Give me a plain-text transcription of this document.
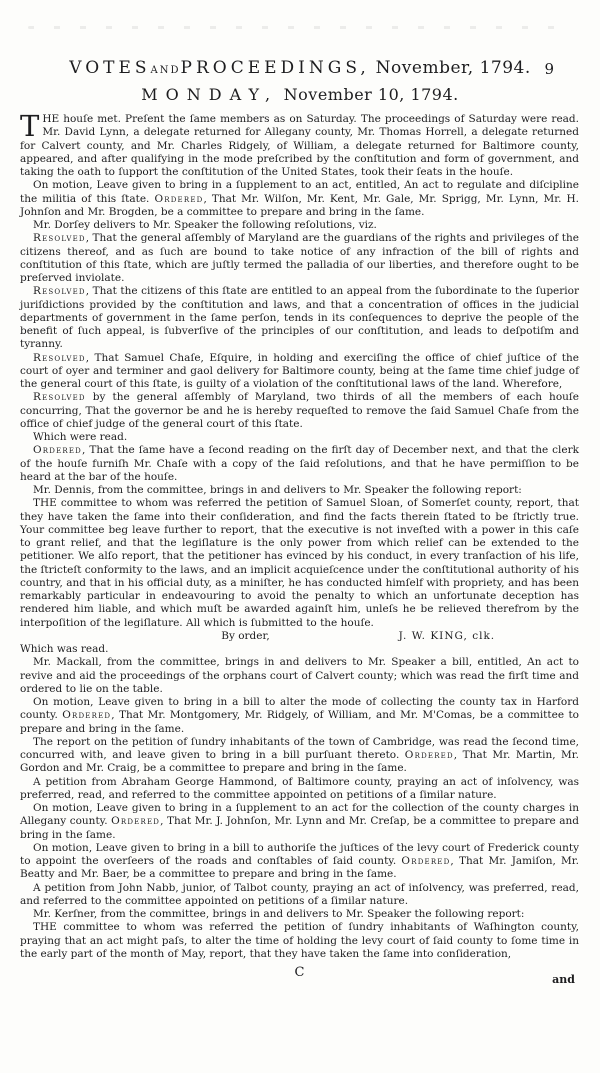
VOTESandPROCEEDINGS, November, 1794. 9
MONDAY, November 10, 1794.

THE houſe met. Preſent the ſame members as on Saturday. The proceedings of Saturday were read. Mr. David Lynn, a delegate returned for Allegany county, Mr. Thomas Horrell, a delegate returned for Calvert county, and Mr. Charles Ridgely, of William, a delegate returned for Baltimore county, appeared, and after qualifying in the mode preſcribed by the conſtitution and form of government, and taking the oath to ſupport the conſtitution of the United States, took their ſeats in the houſe.

On motion, Leave given to bring in a ſupplement to an act, entitled, An act to regulate and diſcipline the militia of this ſtate. Ordered, That Mr. Wilſon, Mr. Kent, Mr. Gale, Mr. Sprigg, Mr. Lynn, Mr. H. Johnſon and Mr. Brogden, be a committee to prepare and bring in the ſame.

Mr. Dorſey delivers to Mr. Speaker the following reſolutions, viz.

Resolved, That the general aſſembly of Maryland are the guardians of the rights and privileges of the citizens thereof, and as ſuch are bound to take notice of any infraction of the bill of rights and conſtitution of this ſtate, which are juſtly termed the palladia of our liberties, and therefore ought to be preſerved inviolate.

Resolved, That the citizens of this ſtate are entitled to an appeal from the ſubordinate to the ſuperior juriſdictions provided by the conſtitution and laws, and that a concentration of offices in the judicial departments of government in the ſame perſon, tends in its conſequences to deprive the people of the benefit of ſuch appeal, is ſubverſive of the principles of our conſtitution, and leads to deſpotiſm and tyranny.

Resolved, That Samuel Chaſe, Eſquire, in holding and exerciſing the office of chief juſtice of the court of oyer and terminer and gaol delivery for Baltimore county, being at the ſame time chief judge of the general court of this ſtate, is guilty of a violation of the conſtitutional laws of the land. Wherefore,

Resolved by the general aſſembly of Maryland, two thirds of all the members of each houſe concurring, That the governor be and he is hereby requeſted to remove the ſaid Samuel Chaſe from the office of chief judge of the general court of this ſtate.

Which were read.

Ordered, That the ſame have a ſecond reading on the firſt day of December next, and that the clerk of the houſe furniſh Mr. Chaſe with a copy of the ſaid reſolutions, and that he have permiſſion to be heard at the bar of the houſe.

Mr. Dennis, from the committee, brings in and delivers to Mr. Speaker the following report:

THE committee to whom was referred the petition of Samuel Sloan, of Somerſet county, report, that they have taken the ſame into their conſideration, and find the facts therein ſtated to be ſtrictly true. Your committee beg leave further to report, that the executive is not inveſted with a power in this caſe to grant relief, and that the legiſlature is the only power from which relief can be extended to the petitioner. We alſo report, that the petitioner has evinced by his conduct, in every tranſaction of his life, the ſtricteſt conformity to the laws, and an implicit acquieſcence under the conſtitutional authority of his country, and that in his official duty, as a miniſter, he has conducted himſelf with propriety, and has been remarkably particular in endeavouring to avoid the penalty to which an unfortunate deception has rendered him liable, and which muſt be awarded againſt him, unleſs he be relieved therefrom by the interpoſition of the legiſlature. All which is ſubmitted to the houſe.

By order,	J. W. KING, clk.

Which was read.

Mr. Mackall, from the committee, brings in and delivers to Mr. Speaker a bill, entitled, An act to revive and aid the proceedings of the orphans court of Calvert county; which was read the firſt time and ordered to lie on the table.

On motion, Leave given to bring in a bill to alter the mode of collecting the county tax in Harford county. Ordered, That Mr. Montgomery, Mr. Ridgely, of William, and Mr. M'Comas, be a committee to prepare and bring in the ſame.

The report on the petition of ſundry inhabitants of the town of Cambridge, was read the ſecond time, concurred with, and leave given to bring in a bill purſuant thereto. Ordered, That Mr. Martin, Mr. Gordon and Mr. Craig, be a committee to prepare and bring in the ſame.

A petition from Abraham George Hammond, of Baltimore county, praying an act of inſolvency, was preferred, read, and referred to the committee appointed on petitions of a ſimilar nature.

On motion, Leave given to bring in a ſupplement to an act for the collection of the county charges in Allegany county. Ordered, That Mr. J. Johnſon, Mr. Lynn and Mr. Creſap, be a committee to prepare and bring in the ſame.

On motion, Leave given to bring in a bill to authoriſe the juſtices of the levy court of Frederick county to appoint the overſeers of the roads and conſtables of ſaid county. Ordered, That Mr. Jamiſon, Mr. Beatty and Mr. Baer, be a committee to prepare and bring in the ſame.

A petition from John Nabb, junior, of Talbot county, praying an act of inſolvency, was preferred, read, and referred to the committee appointed on petitions of a ſimilar nature.

Mr. Kerſner, from the committee, brings in and delivers to Mr. Speaker the following report:

THE committee to whom was referred the petition of ſundry inhabitants of Waſhington county, praying that an act might paſs, to alter the time of holding the levy court of ſaid county to ſome time in the early part of the month of May, report, that they have taken the ſame into conſideration,

C	and
